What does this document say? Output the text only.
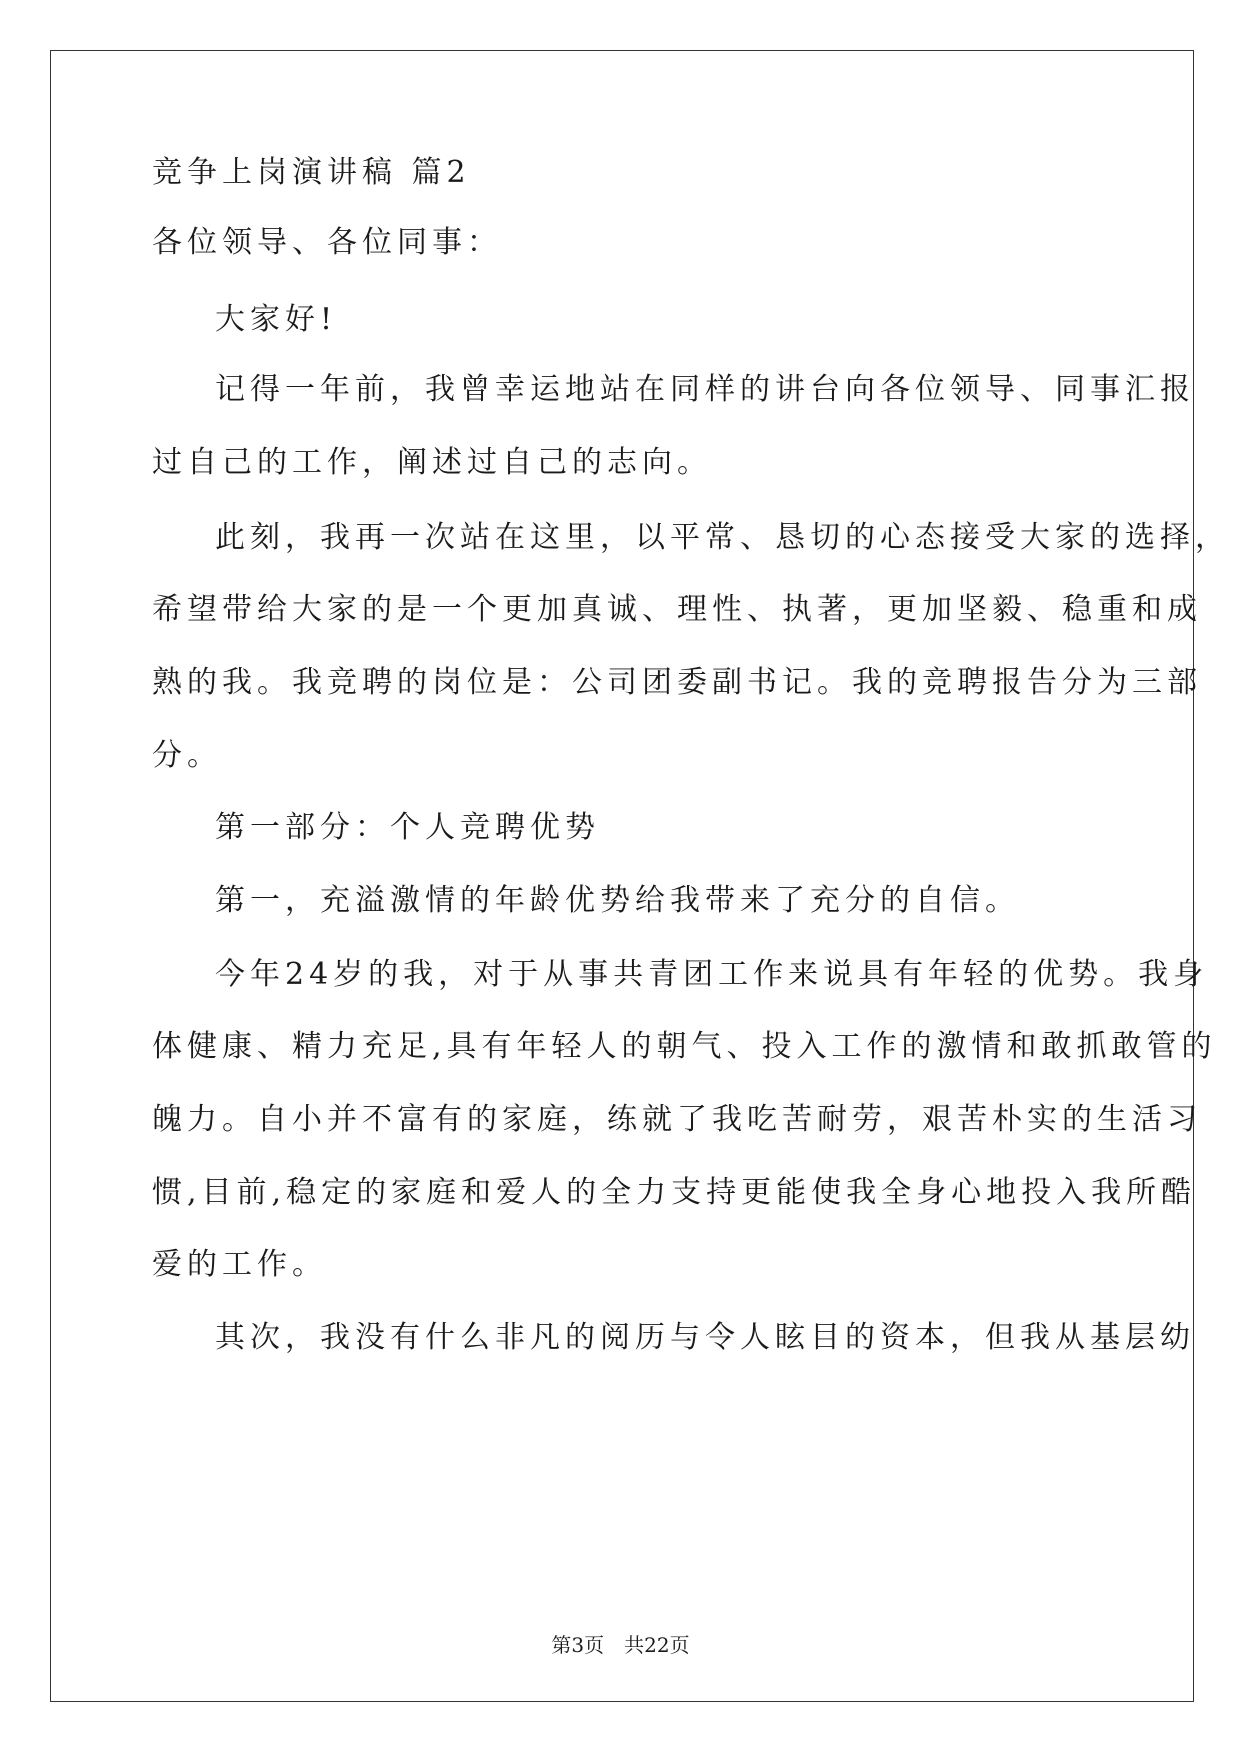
竞争上岗演讲稿 篇2
各位领导、各位同事：
大家好!
记得一年前，我曾幸运地站在同样的讲台向各位领导、同事汇报
过自己的工作，阐述过自己的志向。
此刻，我再一次站在这里，以平常、恳切的心态接受大家的选择，
希望带给大家的是一个更加真诚、理性、执著，更加坚毅、稳重和成
熟的我。我竞聘的岗位是：公司团委副书记。我的竞聘报告分为三部
分。
第一部分：个人竞聘优势
第一，充溢激情的年龄优势给我带来了充分的自信。
今年24岁的我，对于从事共青团工作来说具有年轻的优势。我身
体健康、精力充足,具有年轻人的朝气、投入工作的激情和敢抓敢管的
魄力。自小并不富有的家庭，练就了我吃苦耐劳，艰苦朴实的生活习
惯,目前,稳定的家庭和爱人的全力支持更能使我全身心地投入我所酷
爱的工作。
其次，我没有什么非凡的阅历与令人眩目的资本，但我从基层幼
第3页　共22页
